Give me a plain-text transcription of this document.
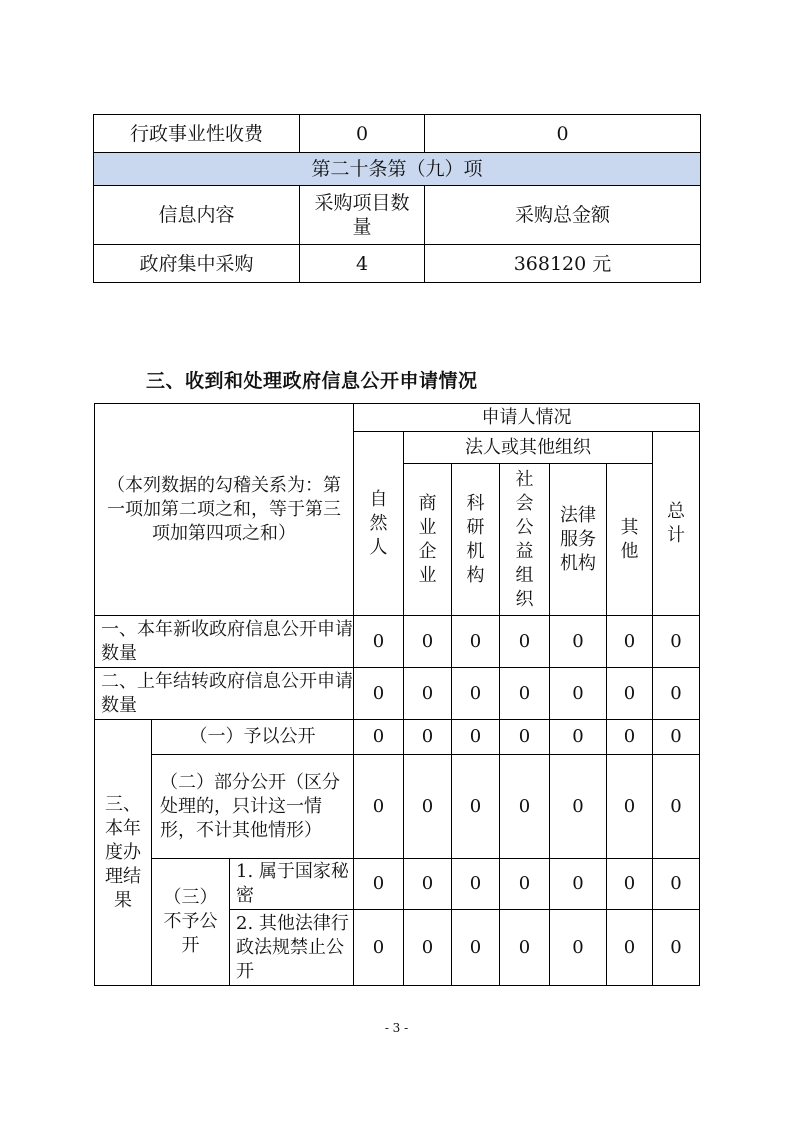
行政事业性收费	0	0
第二十条第（九）项		
信息内容	采购项目数量	采购总金额
政府集中采购	4	368120 元
三、收到和处理政府信息公开申请情况
（本列数据的勾稽关系为：第一项加第二项之和，等于第三项加第四项之和）			申请人情况						
			自然人	法人或其他组织					总计
				商业企业	科研机构	社会公益组织	法律服务机构	其他	
一、本年新收政府信息公开申请数量			0	0	0	0	0	0	0
二、上年结转政府信息公开申请数量			0	0	0	0	0	0	0
三、本年度办理结果	（一）予以公开		0	0	0	0	0	0	0
	（二）部分公开（区分处理的，只计这一情形，不计其他情形）		0	0	0	0	0	0	0
	（三）不予公开	1. 属于国家秘密	0	0	0	0	0	0	0
		2. 其他法律行政法规禁止公开	0	0	0	0	0	0	0
- 3 -
